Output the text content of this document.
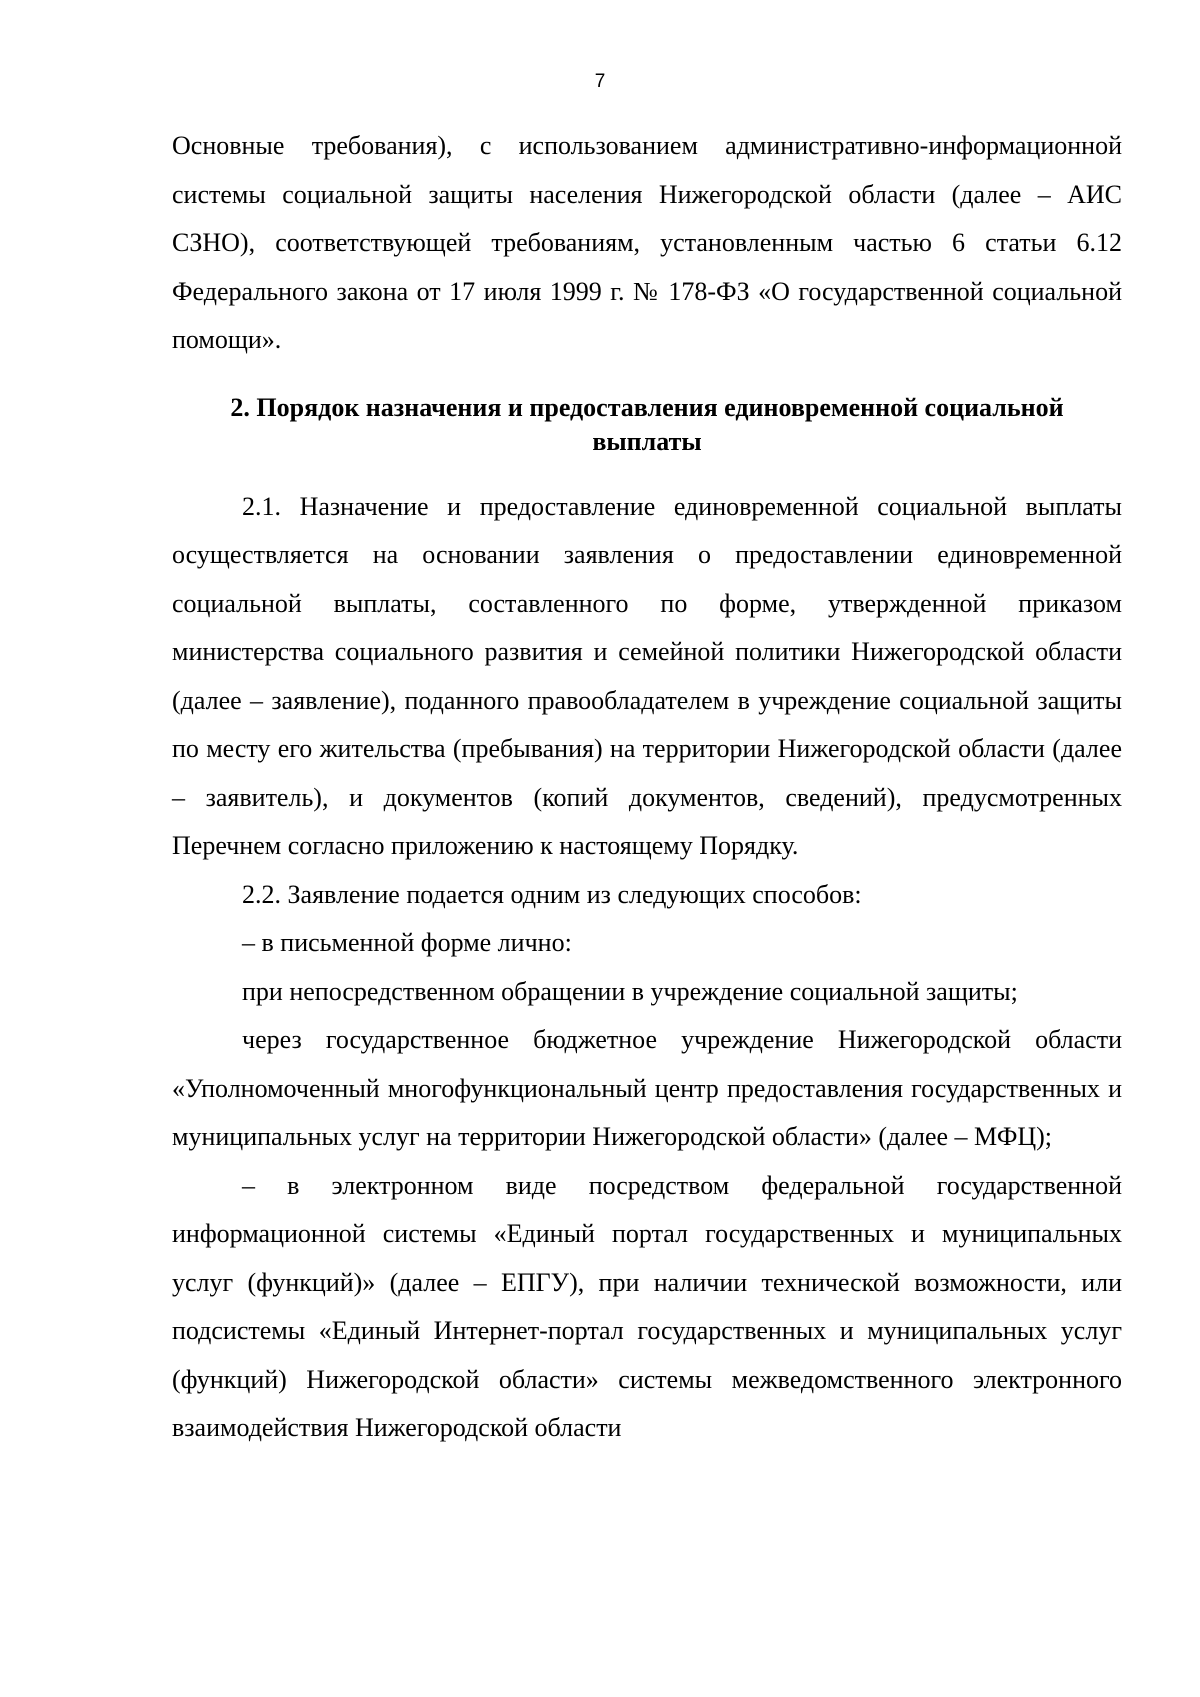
7

Основные требования), с использованием административно-информационной системы социальной защиты населения Нижегородской области (далее – АИС СЗНО), соответствующей требованиям, установленным частью 6 статьи 6.12 Федерального закона от 17 июля 1999 г. № 178-ФЗ «О государственной социальной помощи».

2. Порядок назначения и предоставления единовременной социальной
выплаты

2.1. Назначение и предоставление единовременной социальной выплаты осуществляется на основании заявления о предоставлении единовременной социальной выплаты, составленного по форме, утвержденной приказом министерства социального развития и семейной политики Нижегородской области (далее – заявление), поданного правообладателем в учреждение социальной защиты по месту его жительства (пребывания) на территории Нижегородской области (далее – заявитель), и документов (копий документов, сведений), предусмотренных Перечнем согласно приложению к настоящему Порядку.

2.2. Заявление подается одним из следующих способов:

– в письменной форме лично:

при непосредственном обращении в учреждение социальной защиты;

через государственное бюджетное учреждение Нижегородской области «Уполномоченный многофункциональный центр предоставления государственных и муниципальных услуг на территории Нижегородской области» (далее – МФЦ);

– в электронном виде посредством федеральной государственной информационной системы «Единый портал государственных и муниципальных услуг (функций)» (далее – ЕПГУ), при наличии технической возможности, или подсистемы «Единый Интернет-портал государственных и муниципальных услуг (функций) Нижегородской области» системы межведомственного электронного взаимодействия Нижегородской области
